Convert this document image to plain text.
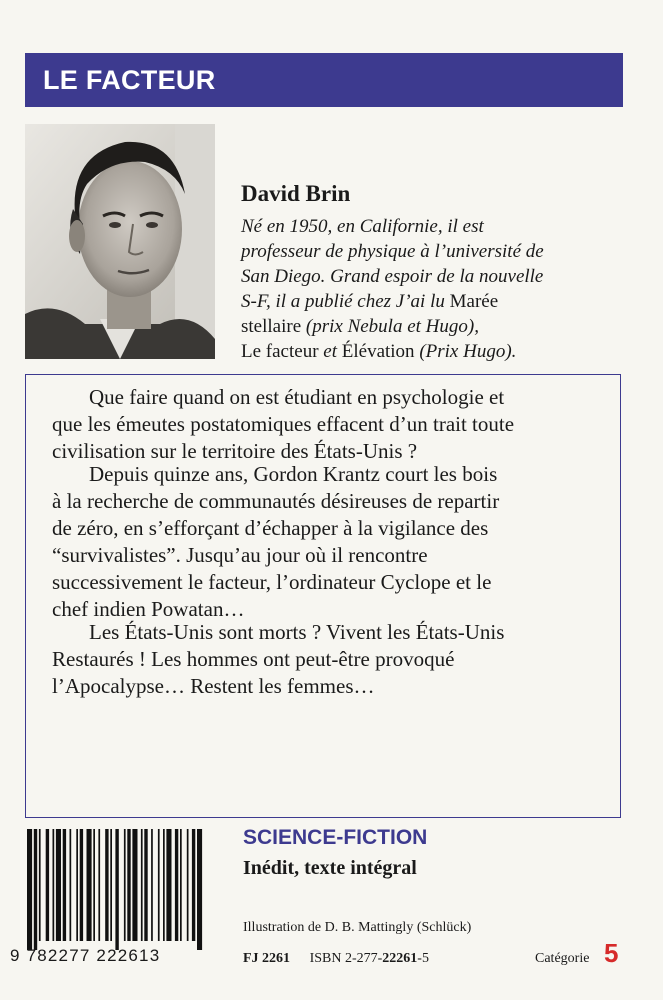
LE FACTEUR
David Brin
Né en 1950, en Californie, il est
professeur de physique à l’université de
San Diego. Grand espoir de la nouvelle
S-F, il a publié chez J’ai lu Marée
stellaire (prix Nebula et Hugo),
Le facteur et Élévation (Prix Hugo).
Que faire quand on est étudiant en psychologie et
que les émeutes postatomiques effacent d’un trait toute
civilisation sur le territoire des États-Unis ?
Depuis quinze ans, Gordon Krantz court les bois
à la recherche de communautés désireuses de repartir
de zéro, en s’efforçant d’échapper à la vigilance des
“survivalistes”. Jusqu’au jour où il rencontre
successivement le facteur, l’ordinateur Cyclope et le
chef indien Powatan…
Les États-Unis sont morts ? Vivent les États-Unis
Restaurés ! Les hommes ont peut-être provoqué
l’Apocalypse… Restent les femmes…
9 782277 222613
SCIENCE-FICTION
Inédit, texte intégral
Illustration de D. B. Mattingly (Schlück)
FJ 2261 ISBN 2-277-22261-5	Catégorie 5
